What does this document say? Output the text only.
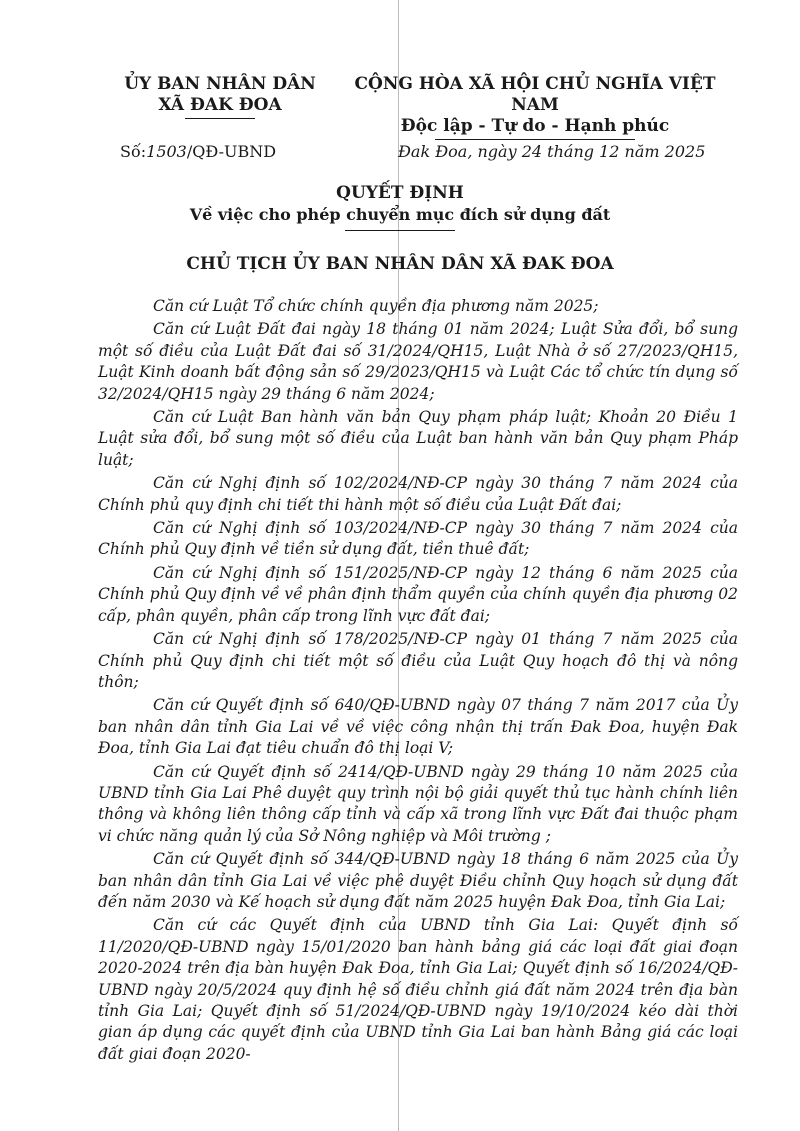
ỦY BAN NHÂN DÂN
XÃ ĐAK ĐOA
CỘNG HÒA XÃ HỘI CHỦ NGHĨA VIỆT NAM
Độc lập - Tự do - Hạnh phúc
Số:1503/QĐ-UBND	Đak Đoa, ngày 24 tháng 12 năm 2025
QUYẾT ĐỊNH
Về việc cho phép chuyển mục đích sử dụng đất
CHỦ TỊCH ỦY BAN NHÂN DÂN XÃ ĐAK ĐOA

Căn cứ Luật Tổ chức chính quyền địa phương năm 2025;

Căn cứ Luật Đất đai ngày 18 tháng 01 năm 2024; Luật Sửa đổi, bổ sung một số điều của Luật Đất đai số 31/2024/QH15, Luật Nhà ở số 27/2023/QH15, Luật Kinh doanh bất động sản số 29/2023/QH15 và Luật Các tổ chức tín dụng số 32/2024/QH15 ngày 29 tháng 6 năm 2024;

Căn cứ Luật Ban hành văn bản Quy phạm pháp luật; Khoản 20 Điều 1 Luật sửa đổi, bổ sung một số điều của Luật ban hành văn bản Quy phạm Pháp luật;

Căn cứ Nghị định số 102/2024/NĐ-CP ngày 30 tháng 7 năm 2024 của Chính phủ quy định chi tiết thi hành một số điều của Luật Đất đai;

Căn cứ Nghị định số 103/2024/NĐ-CP ngày 30 tháng 7 năm 2024 của Chính phủ Quy định về tiền sử dụng đất, tiền thuê đất;

Căn cứ Nghị định số 151/2025/NĐ-CP ngày 12 tháng 6 năm 2025 của Chính phủ Quy định về về phân định thẩm quyền của chính quyền địa phương 02 cấp, phân quyền, phân cấp trong lĩnh vực đất đai;

Căn cứ Nghị định số 178/2025/NĐ-CP ngày 01 tháng 7 năm 2025 của Chính phủ Quy định chi tiết một số điều của Luật Quy hoạch đô thị và nông thôn;

Căn cứ Quyết định số 640/QĐ-UBND ngày 07 tháng 7 năm 2017 của Ủy ban nhân dân tỉnh Gia Lai về về việc công nhận thị trấn Đak Đoa, huyện Đak Đoa, tỉnh Gia Lai đạt tiêu chuẩn đô thị loại V;

Căn cứ Quyết định số 2414/QĐ-UBND ngày 29 tháng 10 năm 2025 của UBND tỉnh Gia Lai Phê duyệt quy trình nội bộ giải quyết thủ tục hành chính liên thông và không liên thông cấp tỉnh và cấp xã trong lĩnh vực Đất đai thuộc phạm vi chức năng quản lý của Sở Nông nghiệp và Môi trường ;

Căn cứ Quyết định số 344/QĐ-UBND ngày 18 tháng 6 năm 2025 của Ủy ban nhân dân tỉnh Gia Lai về việc phê duyệt Điều chỉnh Quy hoạch sử dụng đất đến năm 2030 và Kế hoạch sử dụng đất năm 2025 huyện Đak Đoa, tỉnh Gia Lai;

Căn cứ các Quyết định của UBND tỉnh Gia Lai: Quyết định số 11/2020/QĐ-UBND ngày 15/01/2020 ban hành bảng giá các loại đất giai đoạn 2020-2024 trên địa bàn huyện Đak Đoa, tỉnh Gia Lai; Quyết định số 16/2024/QĐ-UBND ngày 20/5/2024 quy định hệ số điều chỉnh giá đất năm 2024 trên địa bàn tỉnh Gia Lai; Quyết định số 51/2024/QĐ-UBND ngày 19/10/2024 kéo dài thời gian áp dụng các quyết định của UBND tỉnh Gia Lai ban hành Bảng giá các loại đất giai đoạn 2020-
